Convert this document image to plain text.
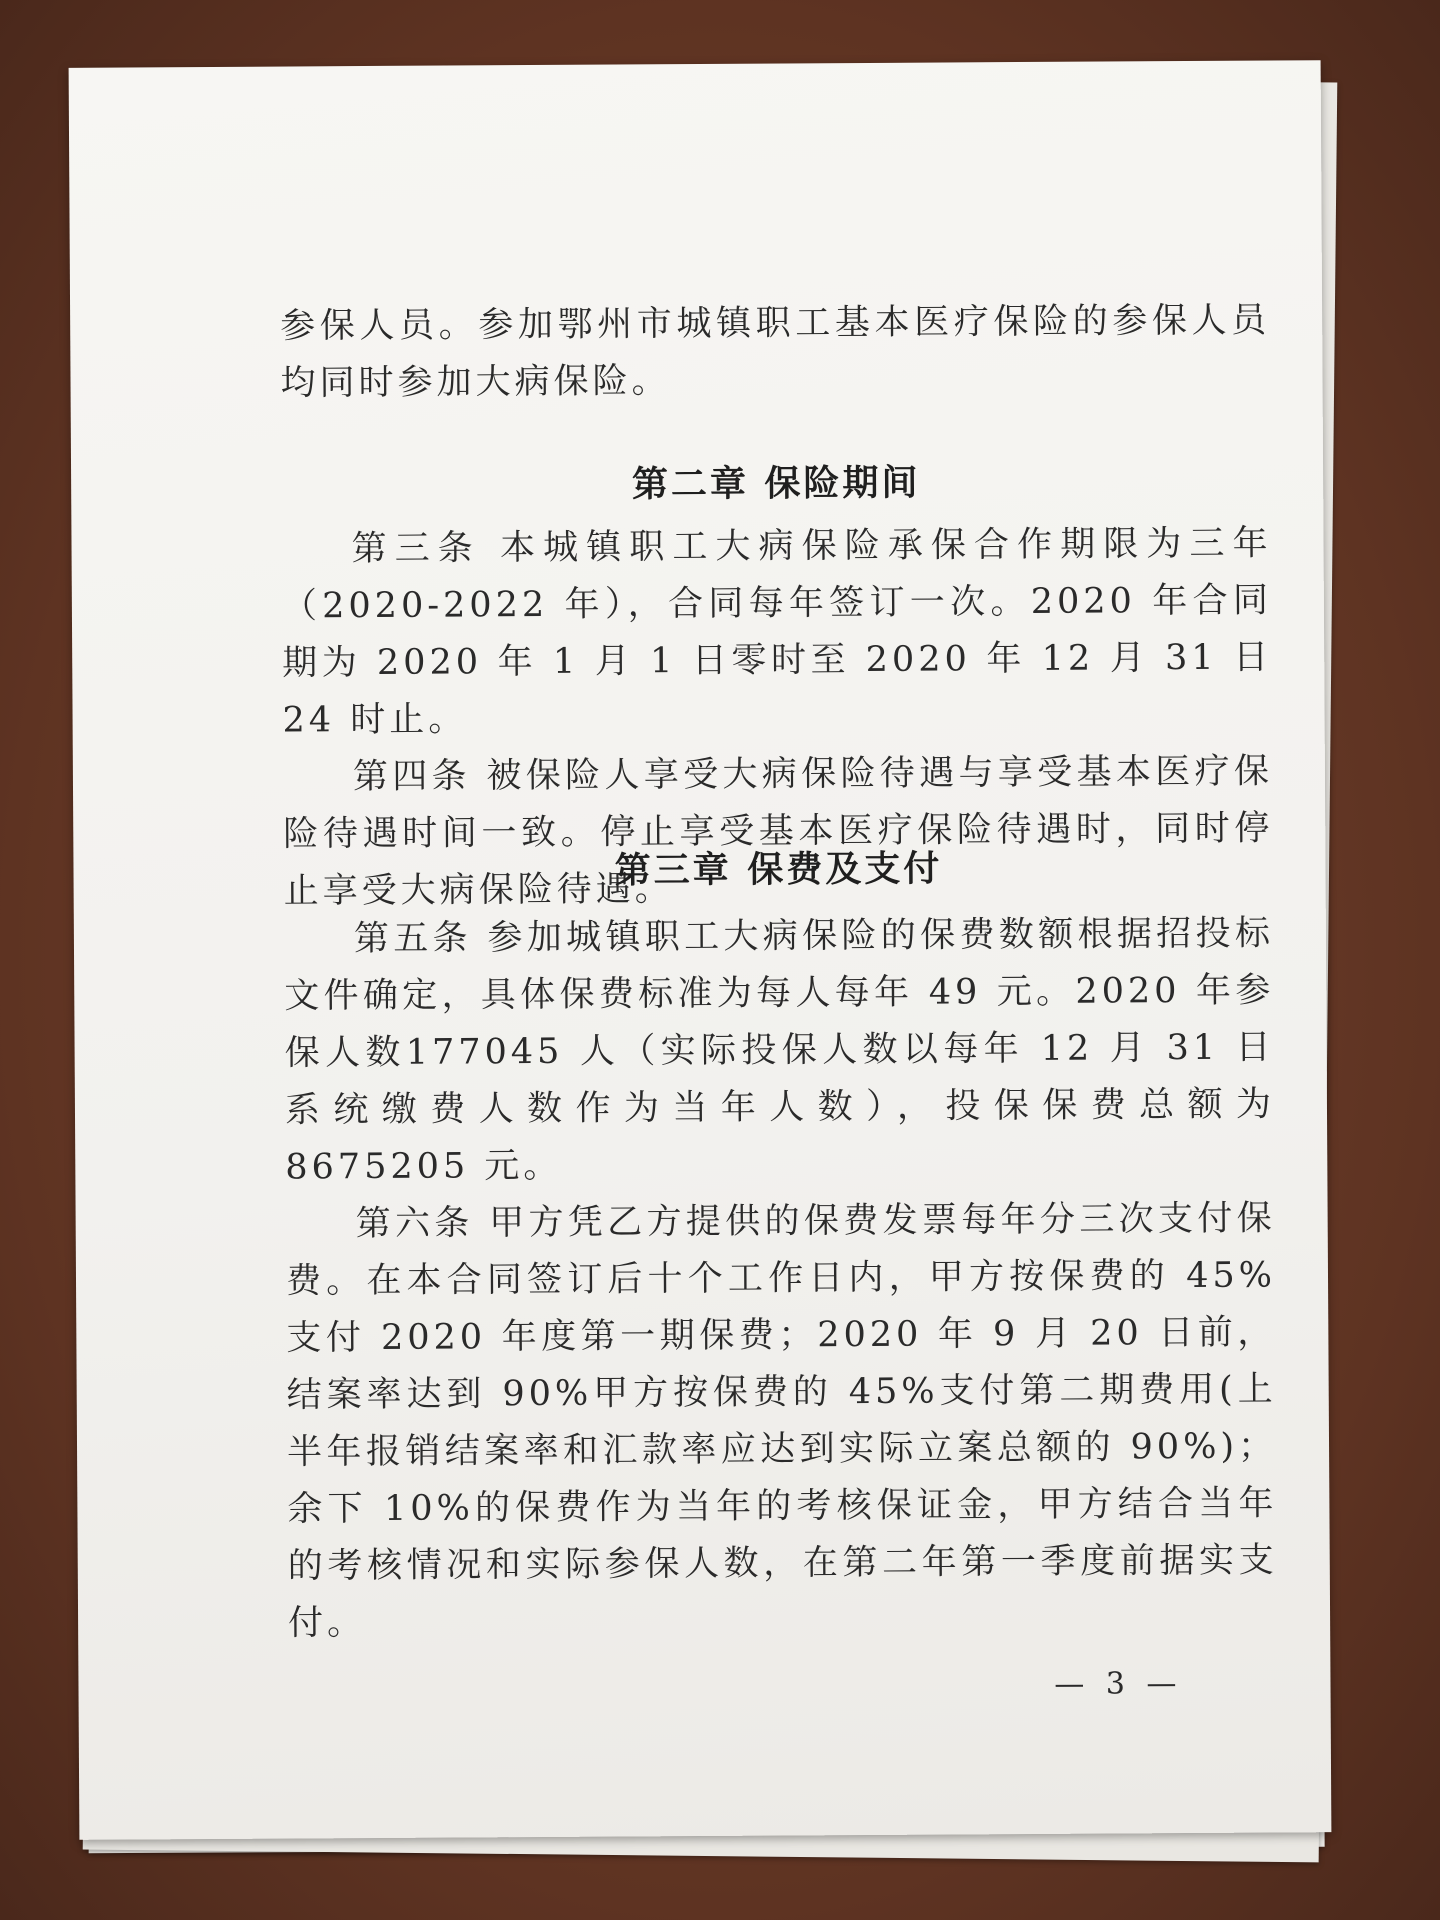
参保人员。参加鄂州市城镇职工基本医疗保险的参保人员均同时参加大病保险。

第二章 保险期间

第三条 本城镇职工大病保险承保合作期限为三年（2020-2022 年），合同每年签订一次。2020 年合同期为 2020 年 1 月 1 日零时至 2020 年 12 月 31 日 24 时止。

第四条 被保险人享受大病保险待遇与享受基本医疗保险待遇时间一致。停止享受基本医疗保险待遇时，同时停止享受大病保险待遇。

第三章 保费及支付

第五条 参加城镇职工大病保险的保费数额根据招投标文件确定，具体保费标准为每人每年 49 元。2020 年参保人数177045 人（实际投保人数以每年 12 月 31 日系统缴费人数作为当年人数），投保保费总额为 8675205 元。

第六条 甲方凭乙方提供的保费发票每年分三次支付保费。在本合同签订后十个工作日内，甲方按保费的 45%支付 2020 年度第一期保费；2020 年 9 月 20 日前，结案率达到 90%甲方按保费的 45%支付第二期费用(上半年报销结案率和汇款率应达到实际立案总额的 90%)；余下 10%的保费作为当年的考核保证金，甲方结合当年的考核情况和实际参保人数，在第二年第一季度前据实支付。

— 3 —
